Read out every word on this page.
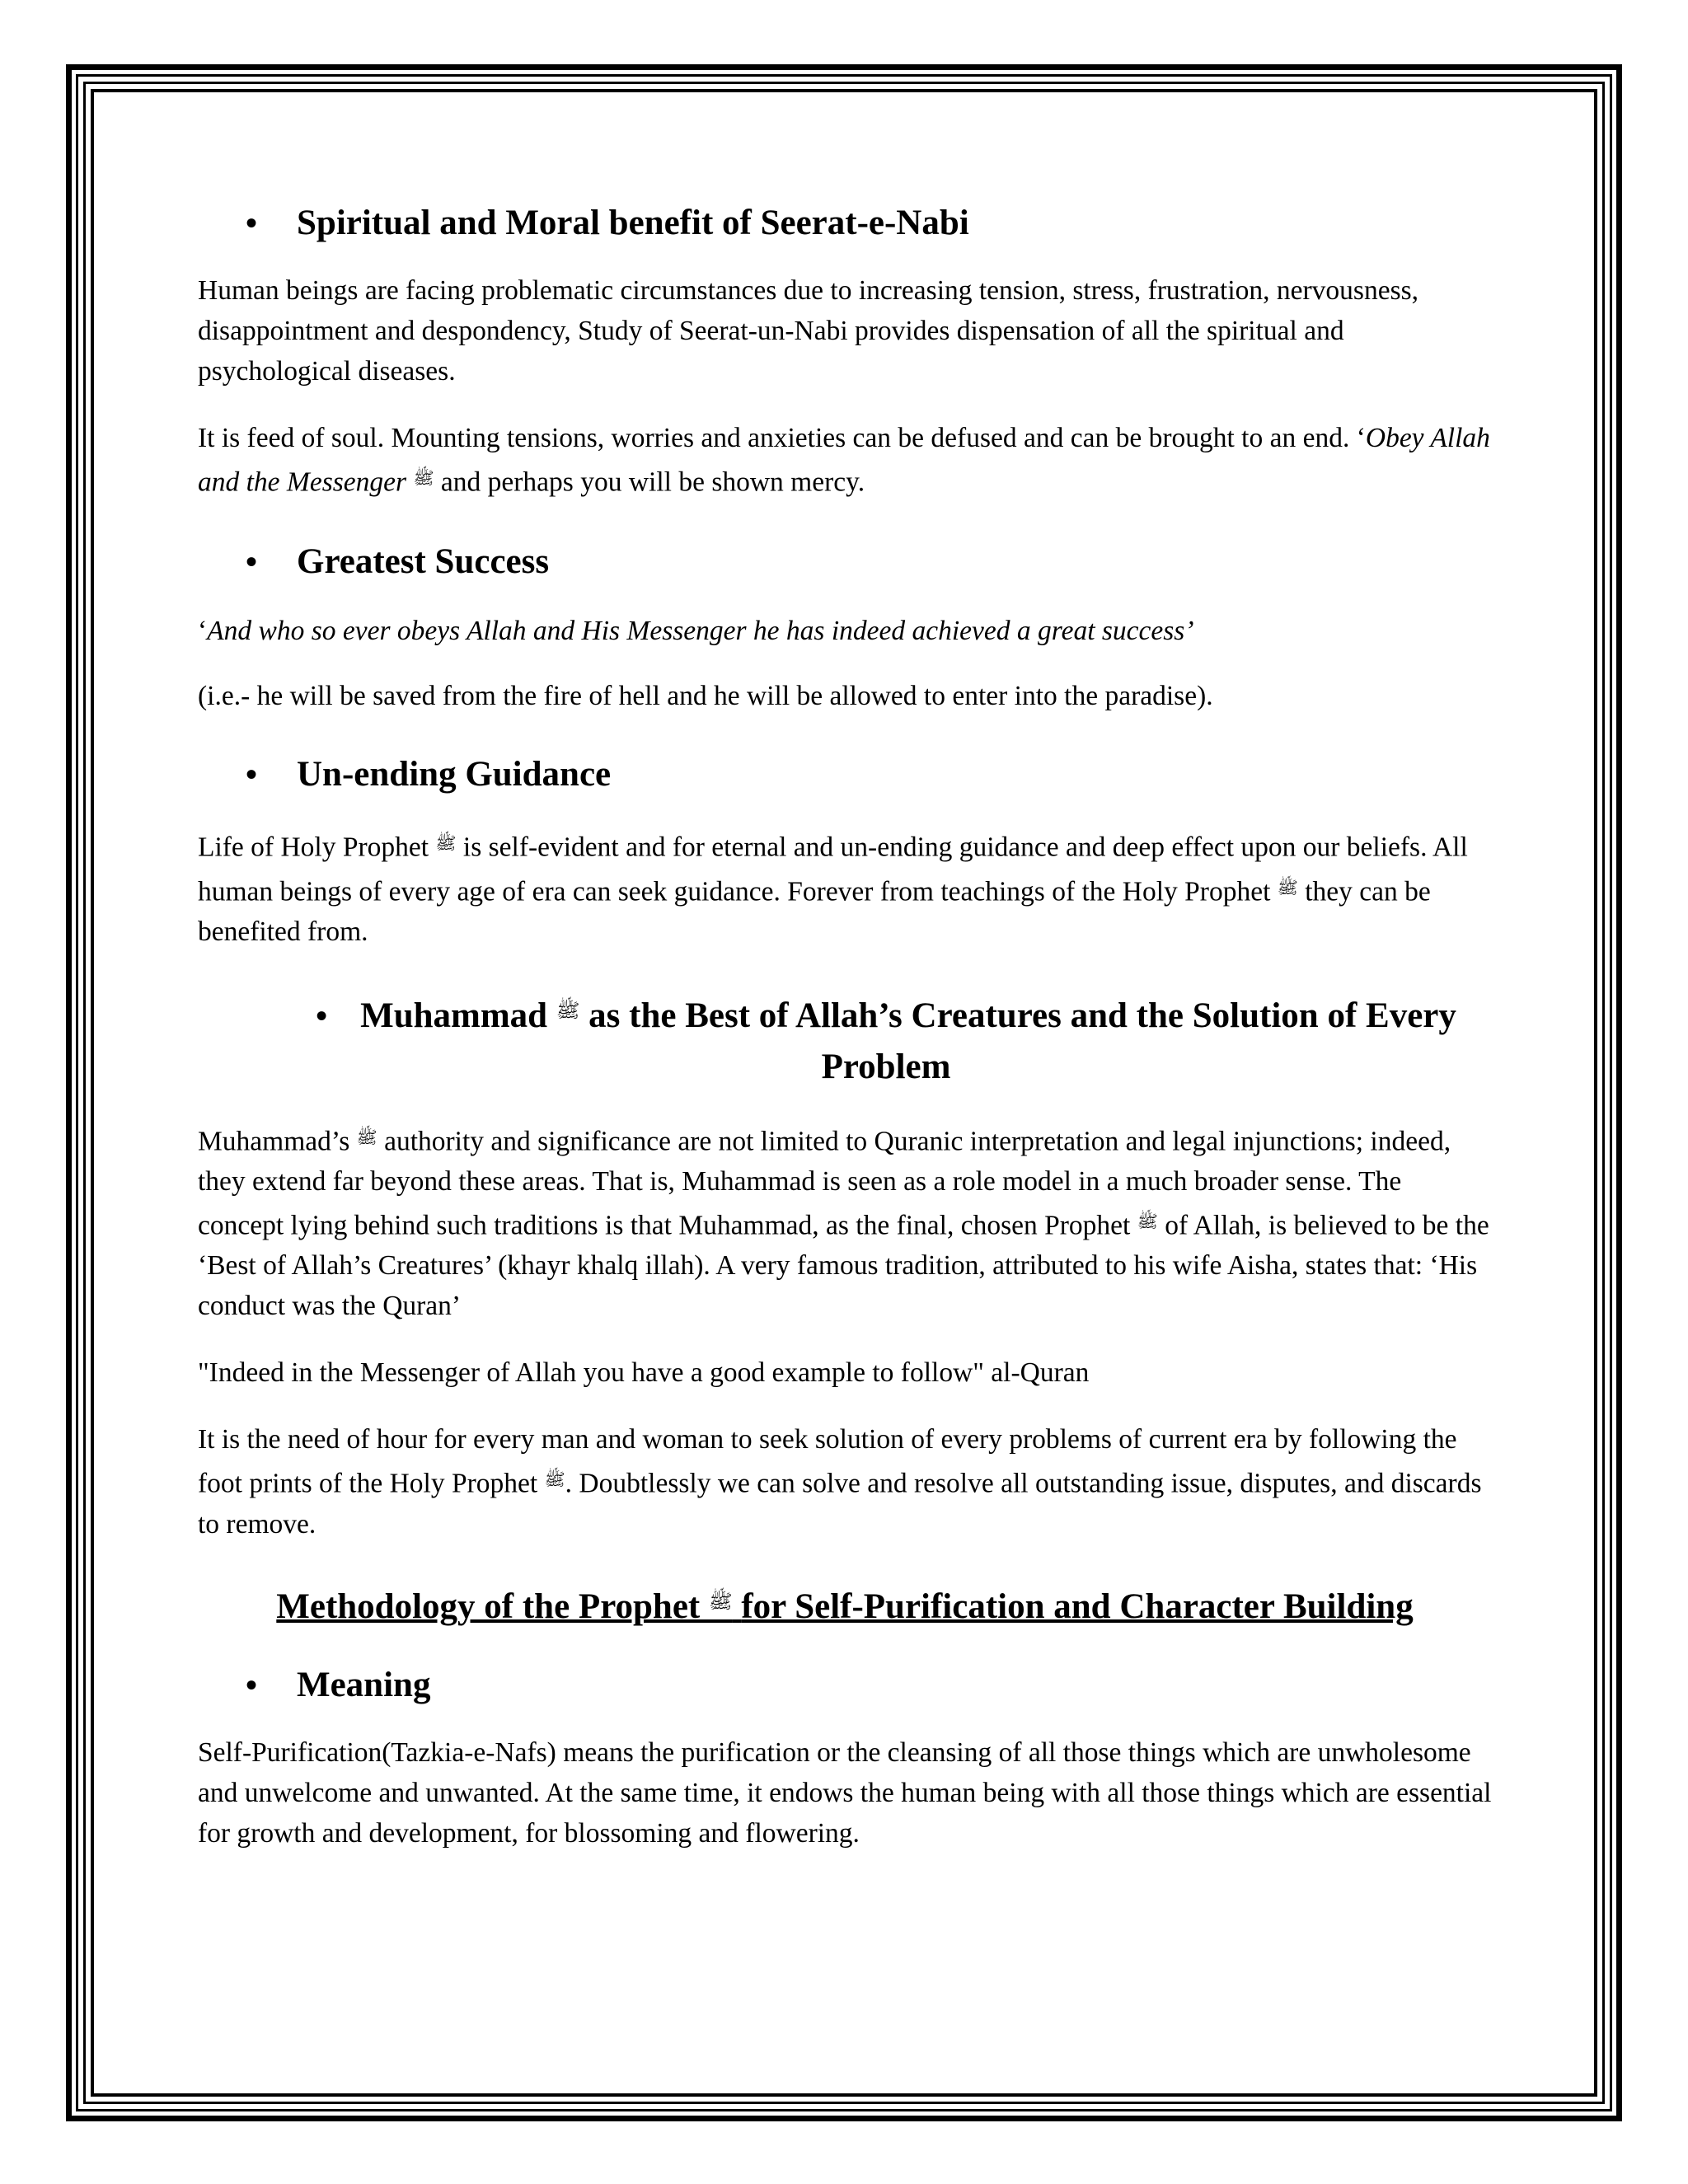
•	Spiritual and Moral benefit of Seerat-e-Nabi

Human beings are facing problematic circumstances due to increasing tension, stress, frustration, nervousness, disappointment and despondency, Study of Seerat-un-Nabi provides dispensation of all the spiritual and psychological diseases.

It is feed of soul. Mounting tensions, worries and anxieties can be defused and can be brought to an end. ‘Obey Allah and the Messenger $^ﷺ$ and perhaps you will be shown mercy.

•	Greatest Success

‘And who so ever obeys Allah and His Messenger he has indeed achieved a great success’

(i.e.- he will be saved from the fire of hell and he will be allowed to enter into the paradise).

•	Un-ending Guidance

Life of Holy Prophet $^ﷺ$ is self-evident and for eternal and un-ending guidance and deep effect upon our beliefs. All human beings of every age of era can seek guidance. Forever from teachings of the Holy Prophet $^ﷺ$ they can be benefited from.

• Muhammad $^ﷺ$ as the Best of Allah’s Creatures and the Solution of Every Problem

Muhammad’s $^ﷺ$ authority and significance are not limited to Quranic interpretation and legal injunctions; indeed, they extend far beyond these areas. That is, Muhammad is seen as a role model in a much broader sense. The concept lying behind such traditions is that Muhammad, as the final, chosen Prophet $^ﷺ$ of Allah, is believed to be the ‘Best of Allah’s Creatures’ (khayr khalq illah). A very famous tradition, attributed to his wife Aisha, states that: ‘His conduct was the Quran’

"Indeed in the Messenger of Allah you have a good example to follow" al-Quran

It is the need of hour for every man and woman to seek solution of every problems of current era by following the foot prints of the Holy Prophet $^ﷺ$. Doubtlessly we can solve and resolve all outstanding issue, disputes, and discards to remove.

Methodology of the Prophet $^ﷺ$ for Self-Purification and Character Building
•	Meaning

Self-Purification(Tazkia-e-Nafs) means the purification or the cleansing of all those things which are unwholesome and unwelcome and unwanted. At the same time, it endows the human being with all those things which are essential for growth and development, for blossoming and flowering.
